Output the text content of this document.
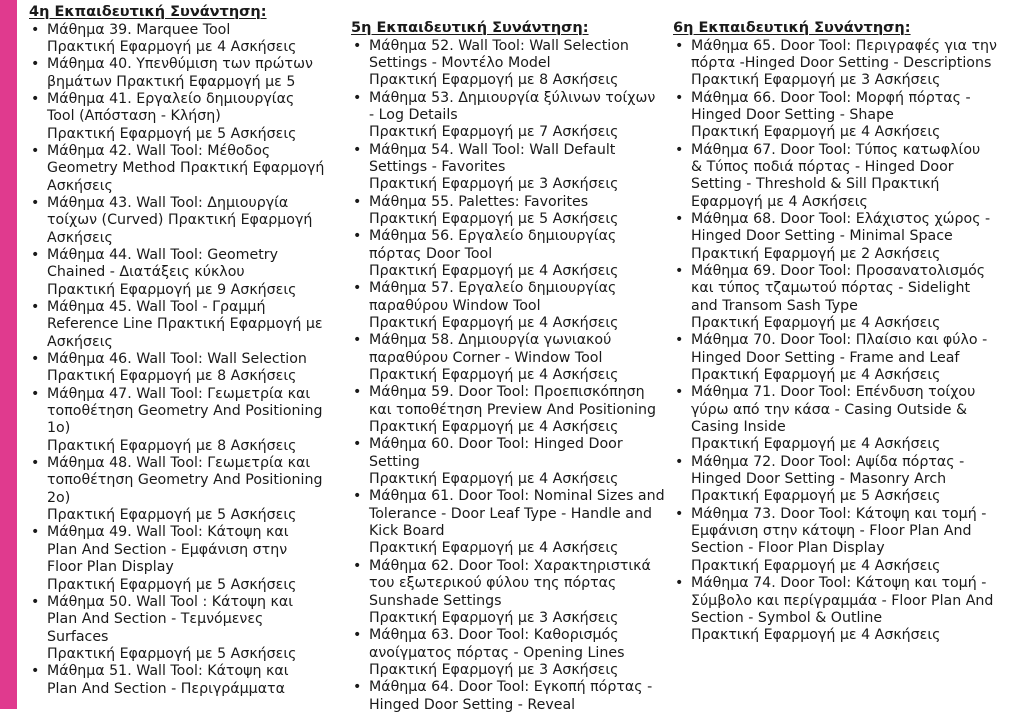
4η Εκπαιδευτική Συνάντηση:
• Μάθημα 39. Marquee Tool
Πρακτική Εφαρμογή με 4 Ασκήσεις
• Μάθημα 40. Υπενθύμιση των πρώτων
βημάτων Πρακτική Εφαρμογή με 5
• Μάθημα 41. Εργαλείο δημιουργίας
Tool (Απόσταση - Κλήση)
Πρακτική Εφαρμογή με 5 Ασκήσεις
• Μάθημα 42. Wall Tool: Μέθοδος
Geometry Method Πρακτική Εφαρμογή
Ασκήσεις
• Μάθημα 43. Wall Tool: Δημιουργία
τοίχων (Curved) Πρακτική Εφαρμογή
Ασκήσεις
• Μάθημα 44. Wall Tool: Geometry
Chained - Διατάξεις κύκλου
Πρακτική Εφαρμογή με 9 Ασκήσεις
• Μάθημα 45. Wall Tool - Γραμμή
Reference Line Πρακτική Εφαρμογή με
Ασκήσεις
• Μάθημα 46. Wall Tool: Wall Selection
Πρακτική Εφαρμογή με 8 Ασκήσεις
• Μάθημα 47. Wall Tool: Γεωμετρία και
τοποθέτηση Geometry And Positioning
1ο)
Πρακτική Εφαρμογή με 8 Ασκήσεις
• Μάθημα 48. Wall Tool: Γεωμετρία και
τοποθέτηση Geometry And Positioning
2ο)
Πρακτική Εφαρμογή με 5 Ασκήσεις
• Μάθημα 49. Wall Tool: Κάτοψη και
Plan And Section - Εμφάνιση στην
Floor Plan Display
Πρακτική Εφαρμογή με 5 Ασκήσεις
• Μάθημα 50. Wall Tool : Κάτοψη και
Plan And Section - Τεμνόμενες
Surfaces
Πρακτική Εφαρμογή με 5 Ασκήσεις
• Μάθημα 51. Wall Tool: Κάτοψη και
Plan And Section - Περιγράμματα
5η Εκπαιδευτική Συνάντηση:
• Μάθημα 52. Wall Tool: Wall Selection
Settings - Μοντέλο Model
Πρακτική Εφαρμογή με 8 Ασκήσεις
• Μάθημα 53. Δημιουργία ξύλινων τοίχων
- Log Details
Πρακτική Εφαρμογή με 7 Ασκήσεις
• Μάθημα 54. Wall Tool: Wall Default
Settings - Favorites
Πρακτική Εφαρμογή με 3 Ασκήσεις
• Μάθημα 55. Palettes: Favorites
Πρακτική Εφαρμογή με 5 Ασκήσεις
• Μάθημα 56. Εργαλείο δημιουργίας
πόρτας Door Tool
Πρακτική Εφαρμογή με 4 Ασκήσεις
• Μάθημα 57. Εργαλείο δημιουργίας
παραθύρου Window Tool
Πρακτική Εφαρμογή με 4 Ασκήσεις
• Μάθημα 58. Δημιουργία γωνιακού
παραθύρου Corner - Window Tool
Πρακτική Εφαρμογή με 4 Ασκήσεις
• Μάθημα 59. Door Tool: Προεπισκόπηση
και τοποθέτηση Preview And Positioning
Πρακτική Εφαρμογή με 4 Ασκήσεις
• Μάθημα 60. Door Tool: Hinged Door
Setting
Πρακτική Εφαρμογή με 4 Ασκήσεις
• Μάθημα 61. Door Tool: Nominal Sizes and
Tolerance - Door Leaf Type - Handle and
Kick Board
Πρακτική Εφαρμογή με 4 Ασκήσεις
• Μάθημα 62. Door Tool: Χαρακτηριστικά
του εξωτερικού φύλου της πόρτας
Sunshade Settings
Πρακτική Εφαρμογή με 3 Ασκήσεις
• Μάθημα 63. Door Tool: Καθορισμός
ανοίγματος πόρτας - Opening Lines
Πρακτική Εφαρμογή με 3 Ασκήσεις
• Μάθημα 64. Door Tool: Εγκοπή πόρτας -
Hinged Door Setting - Reveal
6η Εκπαιδευτική Συνάντηση:
• Μάθημα 65. Door Tool: Περιγραφές για την
πόρτα -Hinged Door Setting - Descriptions
Πρακτική Εφαρμογή με 3 Ασκήσεις
• Μάθημα 66. Door Tool: Μορφή πόρτας -
Hinged Door Setting - Shape
Πρακτική Εφαρμογή με 4 Ασκήσεις
• Μάθημα 67. Door Tool: Τύπος κατωφλίου
& Τύπος ποδιά πόρτας - Hinged Door
Setting - Threshold & Sill Πρακτική
Εφαρμογή με 4 Ασκήσεις
• Μάθημα 68. Door Tool: Ελάχιστος χώρος -
Hinged Door Setting - Minimal Space
Πρακτική Εφαρμογή με 2 Ασκήσεις
• Μάθημα 69. Door Tool: Προσανατολισμός
και τύπος τζαμωτού πόρτας - Sidelight
and Transom Sash Type
Πρακτική Εφαρμογή με 4 Ασκήσεις
• Μάθημα 70. Door Tool: Πλαίσιο και φύλο -
Hinged Door Setting - Frame and Leaf
Πρακτική Εφαρμογή με 4 Ασκήσεις
• Μάθημα 71. Door Tool: Επένδυση τοίχου
γύρω από την κάσα - Casing Outside &
Casing Inside
Πρακτική Εφαρμογή με 4 Ασκήσεις
• Μάθημα 72. Door Tool: Αψίδα πόρτας -
Hinged Door Setting - Masonry Arch
Πρακτική Εφαρμογή με 5 Ασκήσεις
• Μάθημα 73. Door Tool: Κάτοψη και τομή -
Εμφάνιση στην κάτοψη - Floor Plan And
Section - Floor Plan Display
Πρακτική Εφαρμογή με 4 Ασκήσεις
• Μάθημα 74. Door Tool: Κάτοψη και τομή -
Σύμβολο και περίγραμμάα - Floor Plan And
Section - Symbol & Outline
Πρακτική Εφαρμογή με 4 Ασκήσεις
